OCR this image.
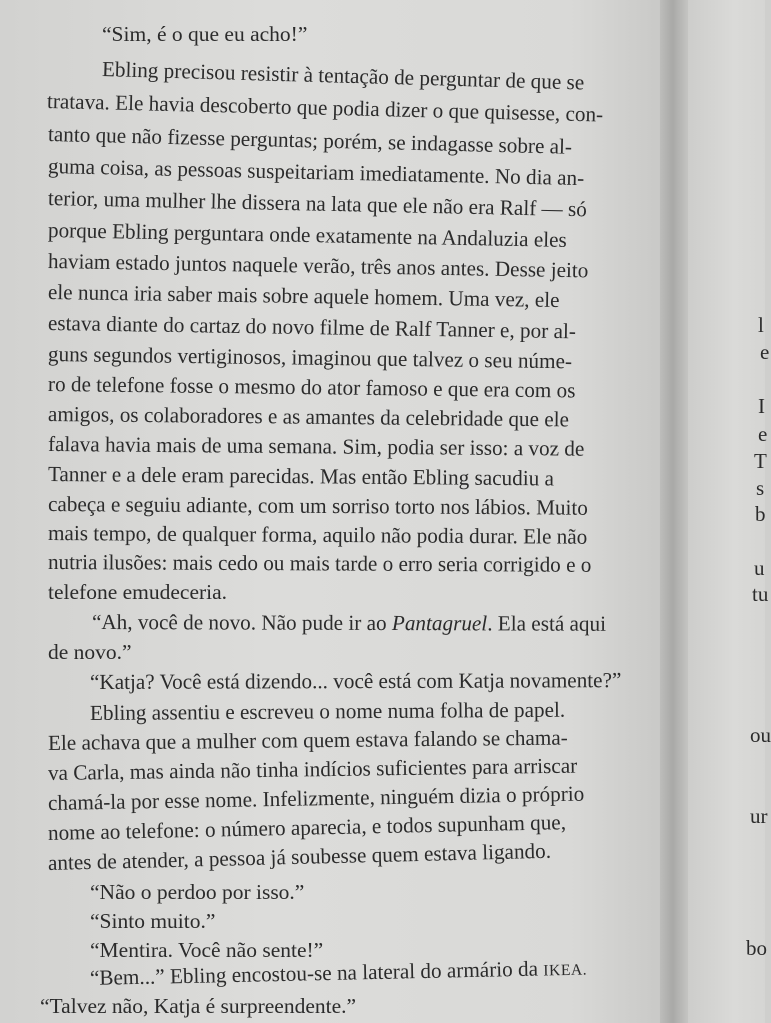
“Sim, é o que eu acho!”
Ebling precisou resistir à tentação de perguntar de que se
tratava. Ele havia descoberto que podia dizer o que quisesse, con-
tanto que não fizesse perguntas; porém, se indagasse sobre al-
guma coisa, as pessoas suspeitariam imediatamente. No dia an-
terior, uma mulher lhe dissera na lata que ele não era Ralf — só
porque Ebling perguntara onde exatamente na Andaluzia eles
haviam estado juntos naquele verão, três anos antes. Desse jeito
ele nunca iria saber mais sobre aquele homem. Uma vez, ele
estava diante do cartaz do novo filme de Ralf Tanner e, por al-
guns segundos vertiginosos, imaginou que talvez o seu núme-
ro de telefone fosse o mesmo do ator famoso e que era com os
amigos, os colaboradores e as amantes da celebridade que ele
falava havia mais de uma semana. Sim, podia ser isso: a voz de
Tanner e a dele eram parecidas. Mas então Ebling sacudiu a
cabeça e seguiu adiante, com um sorriso torto nos lábios. Muito
mais tempo, de qualquer forma, aquilo não podia durar. Ele não
nutria ilusões: mais cedo ou mais tarde o erro seria corrigido e o
telefone emudeceria.
“Ah, você de novo. Não pude ir ao Pantagruel. Ela está aqui
de novo.”
“Katja? Você está dizendo... você está com Katja novamente?”
Ebling assentiu e escreveu o nome numa folha de papel.
Ele achava que a mulher com quem estava falando se chama-
va Carla, mas ainda não tinha indícios suficientes para arriscar
chamá-la por esse nome. Infelizmente, ninguém dizia o próprio
nome ao telefone: o número aparecia, e todos supunham que,
antes de atender, a pessoa já soubesse quem estava ligando.
“Não o perdoo por isso.”
“Sinto muito.”
“Mentira. Você não sente!”
“Bem...” Ebling encostou-se na lateral do armário da IKEA.
“Talvez não, Katja é surpreendente.”
l
e
I
e
T
s
b
u
tu
ou
ur
bo
